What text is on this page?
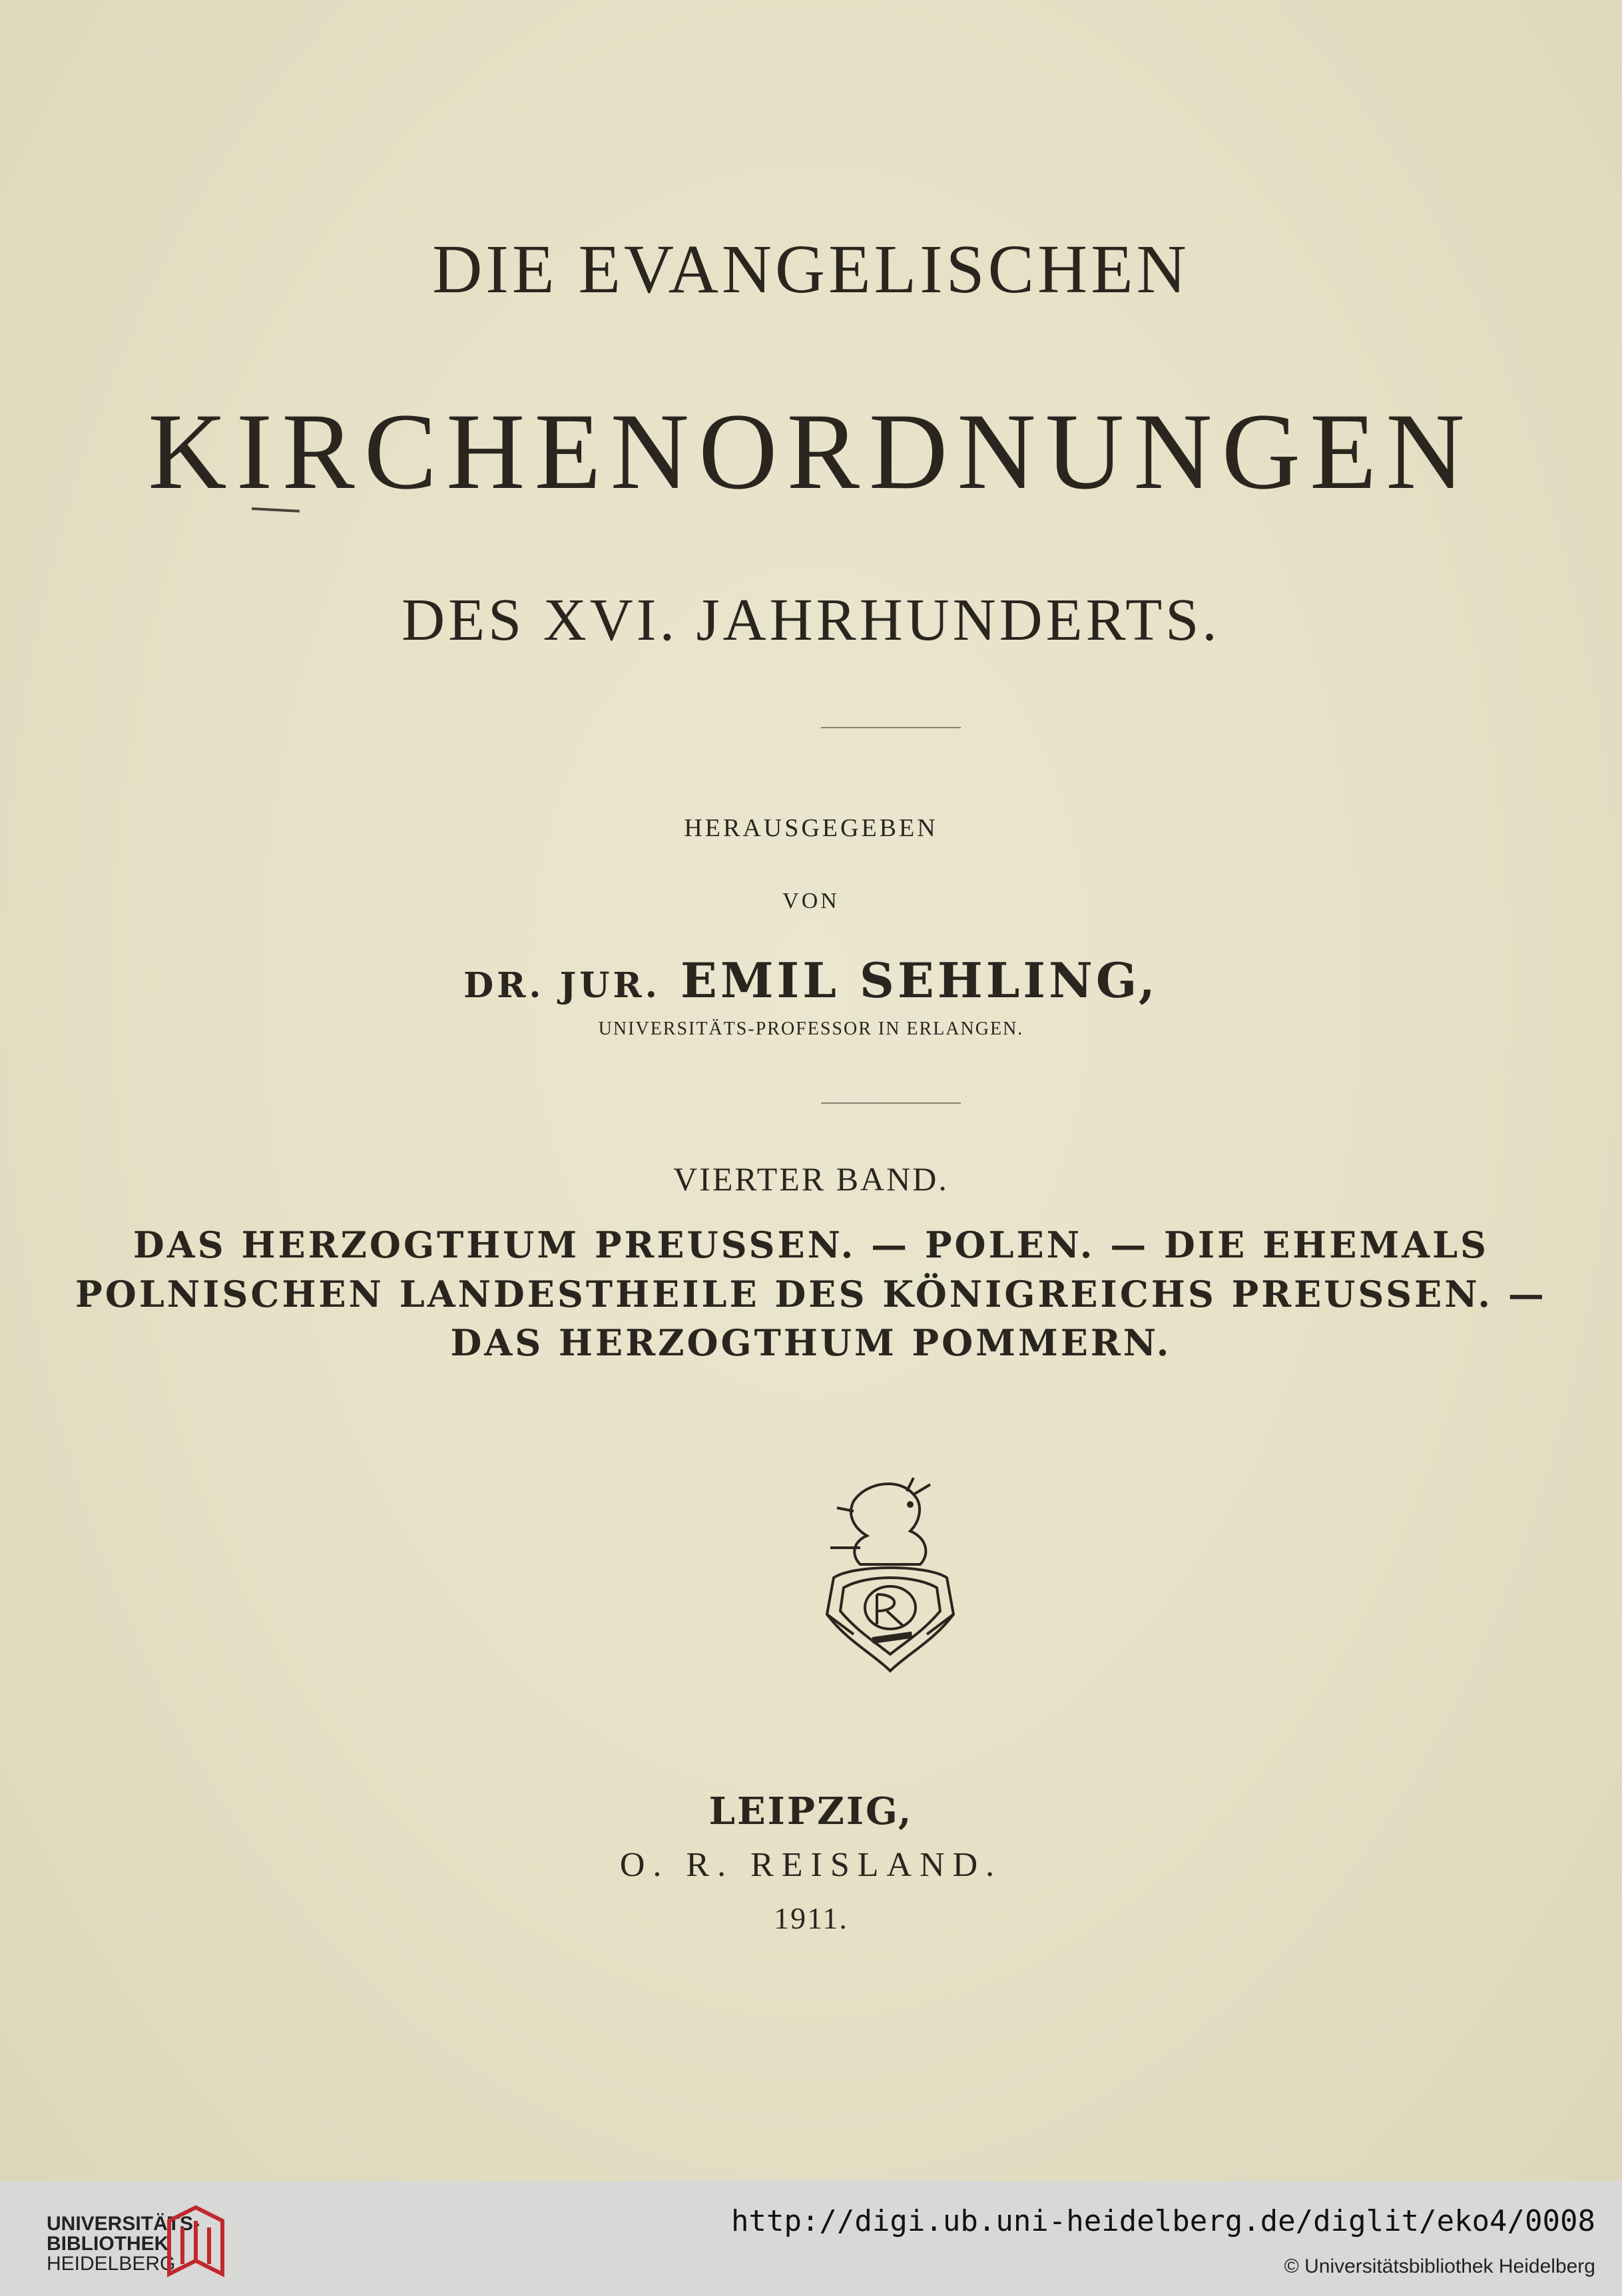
DIE EVANGELISCHEN
KIRCHENORDNUNGEN
DES XVI. JAHRHUNDERTS.
HERAUSGEGEBEN
VON
DR. JUR. EMIL SEHLING,
UNIVERSITÄTS-PROFESSOR IN ERLANGEN.
VIERTER BAND.
DAS HERZOGTHUM PREUSSEN. — POLEN. — DIE EHEMALS
POLNISCHEN LANDESTHEILE DES KÖNIGREICHS PREUSSEN. —
DAS HERZOGTHUM POMMERN.
LEIPZIG,
O. R. REISLAND.
1911.
UNIVERSITÄTS-
BIBLIOTHEK
HEIDELBERG
http://digi.ub.uni-heidelberg.de/diglit/eko4/0008
© Universitätsbibliothek Heidelberg
